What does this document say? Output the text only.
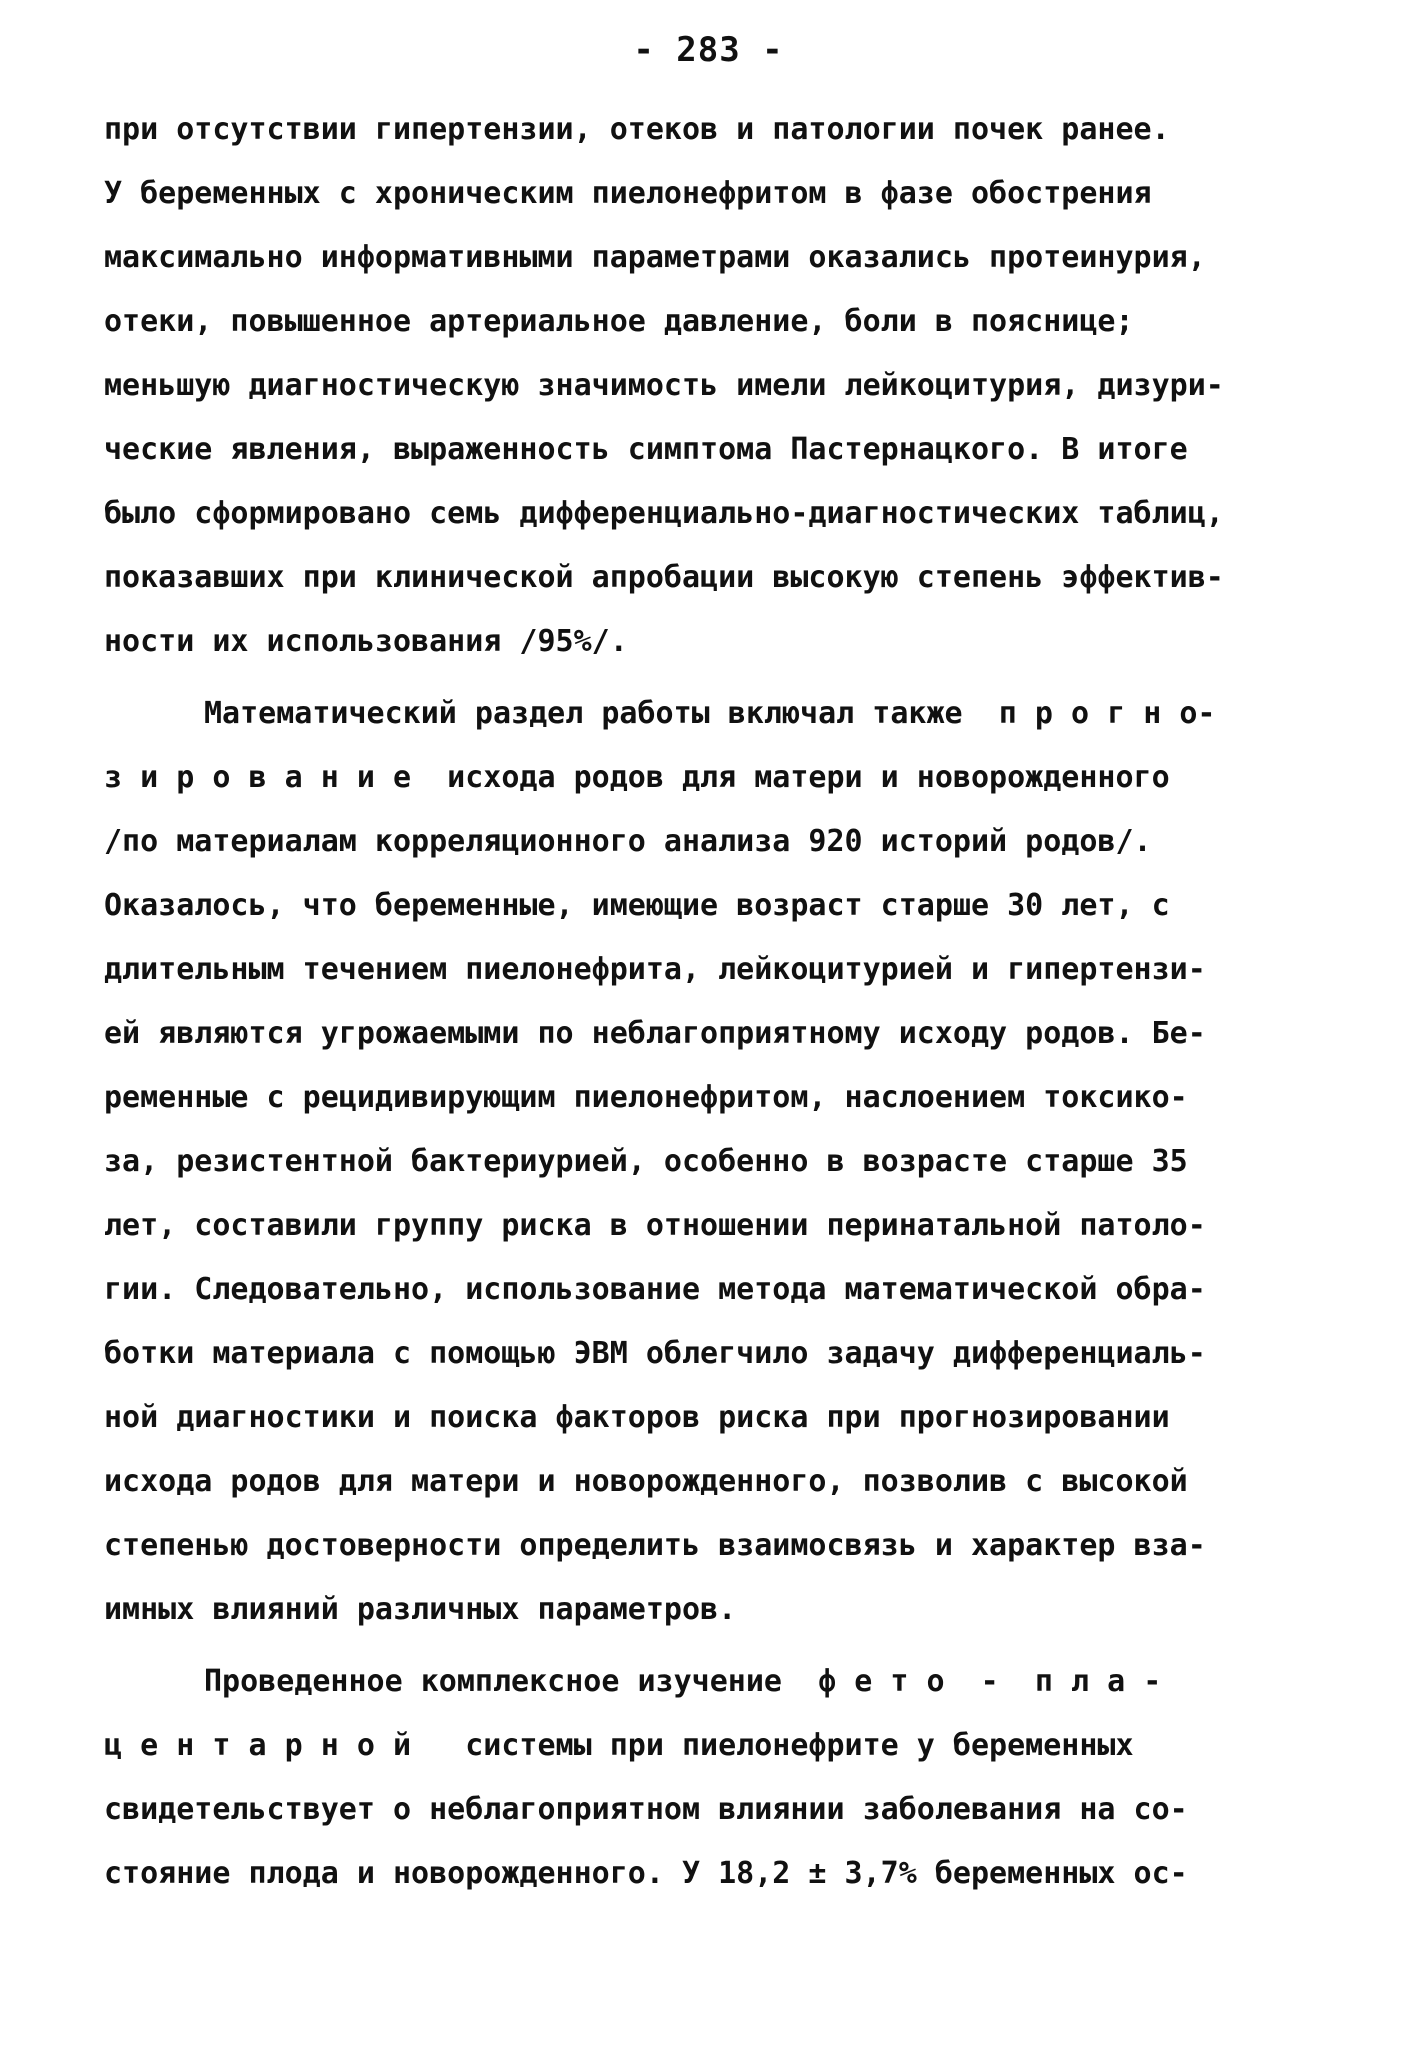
- 283 -
при отсутствии гипертензии, отеков и патологии почек ранее.
У беременных с хроническим пиелонефритом в фазе обострения
максимально информативными параметрами оказались протеинурия,
отеки, повышенное артериальное давление, боли в пояснице;
меньшую диагностическую значимость имели лейкоцитурия, дизури-
ческие явления, выраженность симптома Пастернацкого. В итоге
было сформировано семь дифференциально-диагностических таблиц,
показавших при клинической апробации высокую степень эффектив-
ности их использования /95%/.
Математический раздел работы включал также  п р о г н о-
з и р о в а н и е  исхода родов для матери и новорожденного
/по материалам корреляционного анализа 920 историй родов/.
Оказалось, что беременные, имеющие возраст старше 30 лет, с
длительным течением пиелонефрита, лейкоцитурией и гипертензи-
ей являются угрожаемыми по неблагоприятному исходу родов. Бе-
ременные с рецидивирующим пиелонефритом, наслоением токсико-
за, резистентной бактериурией, особенно в возрасте старше 35
лет, составили группу риска в отношении перинатальной патоло-
гии. Следовательно, использование метода математической обра-
ботки материала с помощью ЭВМ облегчило задачу дифференциаль-
ной диагностики и поиска факторов риска при прогнозировании
исхода родов для матери и новорожденного, позволив с высокой
степенью достоверности определить взаимосвязь и характер вза-
имных влияний различных параметров.
Проведенное комплексное изучение  ф е т о  -  п л а -
ц е н т а р н о й   системы при пиелонефрите у беременных
свидетельствует о неблагоприятном влиянии заболевания на со-
стояние плода и новорожденного. У 18,2 ± 3,7% беременных ос-
